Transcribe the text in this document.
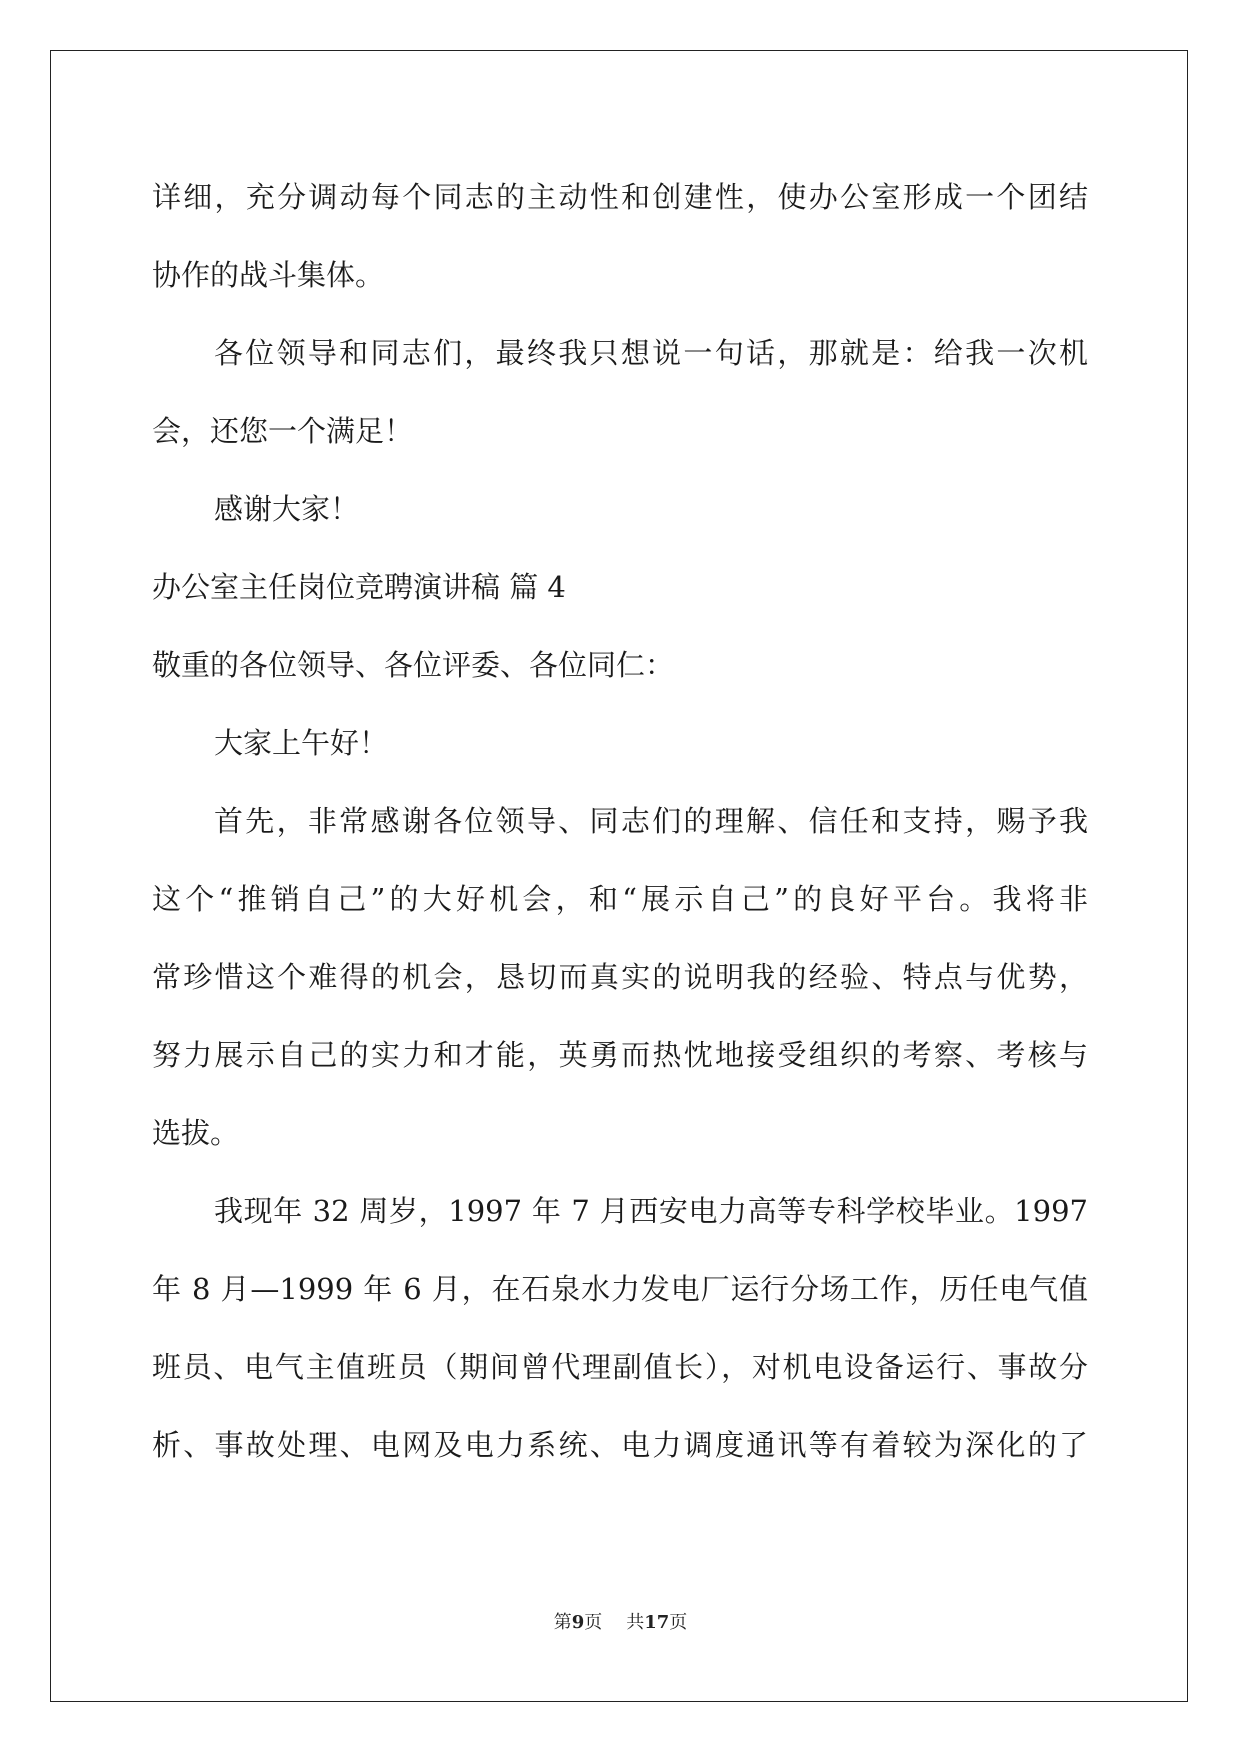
详细，充分调动每个同志的主动性和创建性，使办公室形成一个团结
协作的战斗集体。
各位领导和同志们，最终我只想说一句话，那就是：给我一次机
会，还您一个满足！
感谢大家！
办公室主任岗位竞聘演讲稿 篇 4
敬重的各位领导、各位评委、各位同仁：
大家上午好！
首先，非常感谢各位领导、同志们的理解、信任和支持，赐予我
这个“推销自己”的大好机会，和“展示自己”的良好平台。我将非
常珍惜这个难得的机会，恳切而真实的说明我的经验、特点与优势，
努力展示自己的实力和才能，英勇而热忱地接受组织的考察、考核与
选拔。
我现年 32 周岁，1997 年 7 月西安电力高等专科学校毕业。1997
年 8 月—1999 年 6 月，在石泉水力发电厂运行分场工作，历任电气值
班员、电气主值班员（期间曾代理副值长），对机电设备运行、事故分
析、事故处理、电网及电力系统、电力调度通讯等有着较为深化的了
第9页 共17页
